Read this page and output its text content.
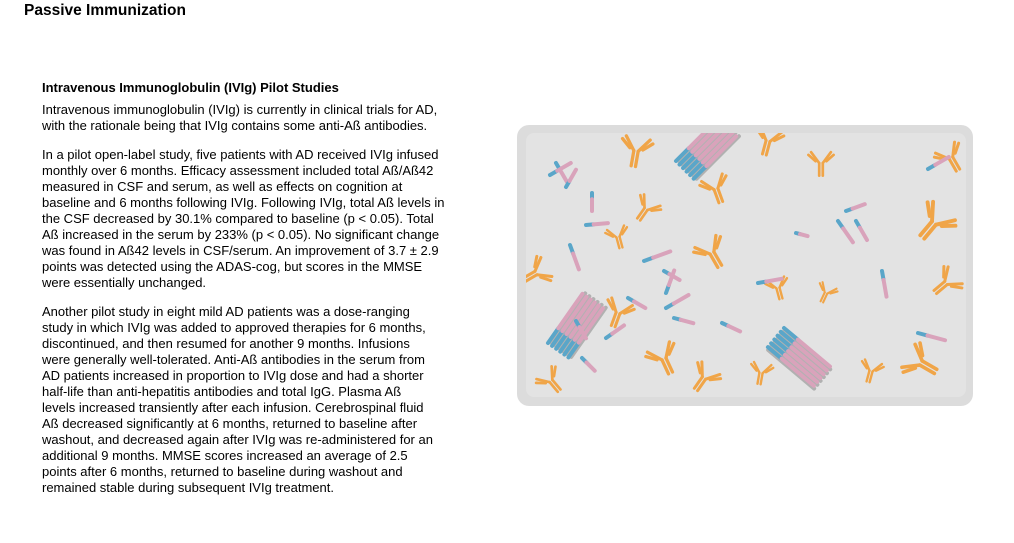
Passive Immunization
Intravenous Immunoglobulin (IVIg) Pilot Studies

Intravenous immunoglobulin (IVIg) is currently in clinical trials for AD,
with the rationale being that IVIg contains some anti-Aß antibodies.

In a pilot open-label study, five patients with AD received IVIg infused
monthly over 6 months. Efficacy assessment included total Aß/Aß42
measured in CSF and serum, as well as effects on cognition at
baseline and 6 months following IVIg. Following IVIg, total Aß levels in
the CSF decreased by 30.1% compared to baseline (p < 0.05). Total
Aß increased in the serum by 233% (p < 0.05). No significant change
was found in Aß42 levels in CSF/serum. An improvement of 3.7 ± 2.9
points was detected using the ADAS-cog, but scores in the MMSE
were essentially unchanged.

Another pilot study in eight mild AD patients was a dose-ranging
study in which IVIg was added to approved therapies for 6 months,
discontinued, and then resumed for another 9 months. Infusions
were generally well-tolerated. Anti-Aß antibodies in the serum from
AD patients increased in proportion to IVIg dose and had a shorter
half-life than anti-hepatitis antibodies and total IgG. Plasma Aß
levels increased transiently after each infusion. Cerebrospinal fluid
Aß decreased significantly at 6 months, returned to baseline after
washout, and decreased again after IVIg was re-administered for an
additional 9 months. MMSE scores increased an average of 2.5
points after 6 months, returned to baseline during washout and
remained stable during subsequent IVIg treatment.
